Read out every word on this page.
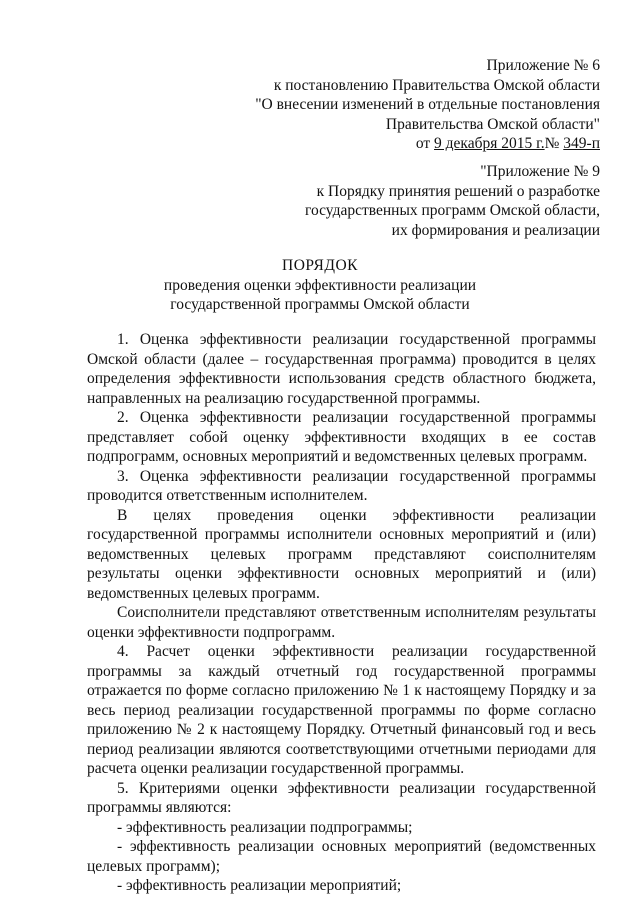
Приложение № 6
к постановлению Правительства Омской области
"О внесении изменений в отдельные постановления
Правительства Омской области"
от 9 декабря 2015 г.№ 349-п
"Приложение № 9
к Порядку принятия решений о разработке
государственных программ Омской области,
их формирования и реализации
ПОРЯДОК
проведения оценки эффективности реализации
государственной программы Омской области

1. Оценка эффективности реализации государственной программы Омской области (далее – государственная программа) проводится в целях определения эффективности использования средств областного бюджета, направленных на реализацию государственной программы.

2. Оценка эффективности реализации государственной программы представляет собой оценку эффективности входящих в ее состав подпрограмм, основных мероприятий и ведомственных целевых программ.

3. Оценка эффективности реализации государственной программы проводится ответственным исполнителем.

В целях проведения оценки эффективности реализации государственной программы исполнители основных мероприятий и (или) ведомственных целевых программ представляют соисполнителям результаты оценки эффективности основных мероприятий и (или) ведомственных целевых программ.

Соисполнители представляют ответственным исполнителям результаты оценки эффективности подпрограмм.

4. Расчет оценки эффективности реализации государственной программы за каждый отчетный год государственной программы отражается по форме согласно приложению № 1 к настоящему Порядку и за весь период реализации государственной программы по форме согласно приложению № 2 к настоящему Порядку. Отчетный финансовый год и весь период реализации являются соответствующими отчетными периодами для расчета оценки реализации государственной программы.

5. Критериями оценки эффективности реализации государственной программы являются:

- эффективность реализации подпрограммы;

- эффективность реализации основных мероприятий (ведомственных целевых программ);

- эффективность реализации мероприятий;
